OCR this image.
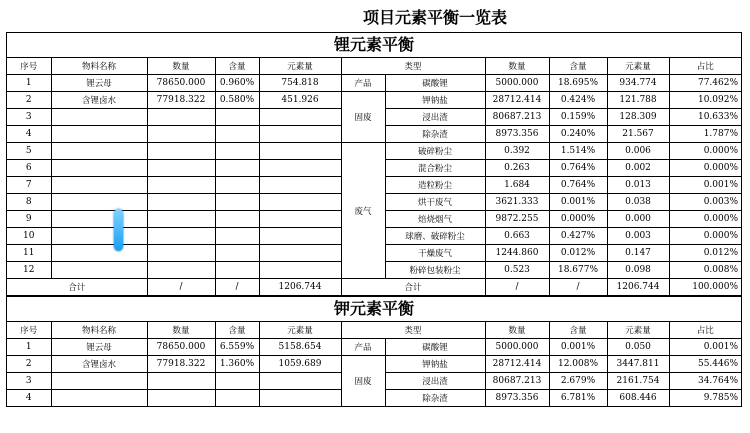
项目元素平衡一览表
锂元素平衡
序号	物料名称	数量	含量	元素量	类型		数量	含量	元素量	占比
1	锂云母	78650.000	0.960%	754.818	产品	碳酸锂	5000.000	18.695%	934.774	77.462%
2	含锂卤水	77918.322	0.580%	451.926	固废	钾钠盐	28712.414	0.424%	121.788	10.092%
3						浸出渣	80687.213	0.159%	128.309	10.633%
4						除杂渣	8973.356	0.240%	21.567	1.787%
5					废气	破碎粉尘	0.392	1.514%	0.006	0.000%
6						混合粉尘	0.263	0.764%	0.002	0.000%
7						造粒粉尘	1.684	0.764%	0.013	0.001%
8						烘干废气	3621.333	0.001%	0.038	0.003%
9						焙烧烟气	9872.255	0.000%	0.000	0.000%
10						球磨、破碎粉尘	0.663	0.427%	0.003	0.000%
11						干燥废气	1244.860	0.012%	0.147	0.012%
12						粉碎包装粉尘	0.523	18.677%	0.098	0.008%
合计		/	/	1206.744	合计		/	/	1206.744	100.000%
钾元素平衡
序号	物料名称	数量	含量	元素量	类型		数量	含量	元素量	占比
1	锂云母	78650.000	6.559%	5158.654	产品	碳酸锂	5000.000	0.001%	0.050	0.001%
2	含锂卤水	77918.322	1.360%	1059.689	固废	钾钠盐	28712.414	12.008%	3447.811	55.446%
3						浸出渣	80687.213	2.679%	2161.754	34.764%
4						除杂渣	8973.356	6.781%	608.446	9.785%
